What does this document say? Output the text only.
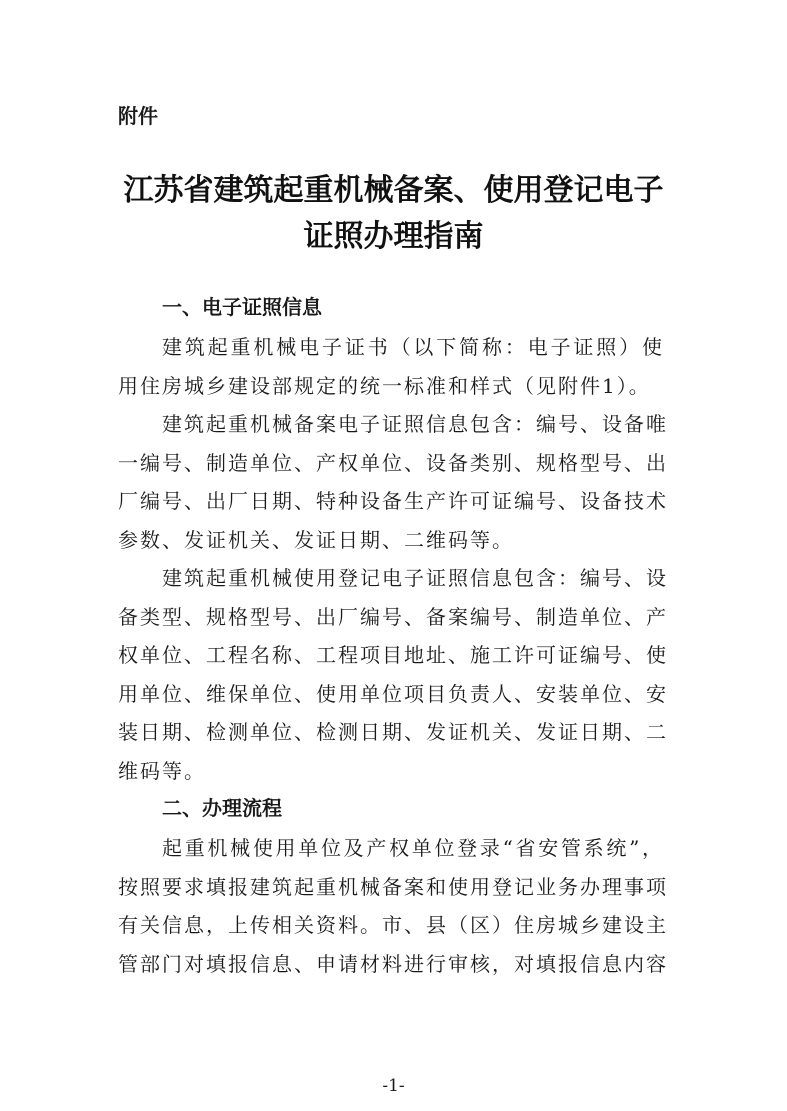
附件

江苏省建筑起重机械备案、使用登记电子
证照办理指南
一、电子证照信息

建筑起重机械电子证书（以下简称：电子证照）使
用住房城乡建设部规定的统一标准和样式（见附件1）。

建筑起重机械备案电子证照信息包含：编号、设备唯
一编号、制造单位、产权单位、设备类别、规格型号、出
厂编号、出厂日期、特种设备生产许可证编号、设备技术
参数、发证机关、发证日期、二维码等。

建筑起重机械使用登记电子证照信息包含：编号、设
备类型、规格型号、出厂编号、备案编号、制造单位、产
权单位、工程名称、工程项目地址、施工许可证编号、使
用单位、维保单位、使用单位项目负责人、安装单位、安
装日期、检测单位、检测日期、发证机关、发证日期、二
维码等。

二、办理流程

起重机械使用单位及产权单位登录“省安管系统”，
按照要求填报建筑起重机械备案和使用登记业务办理事项
有关信息，上传相关资料。市、县（区）住房城乡建设主
管部门对填报信息、申请材料进行审核，对填报信息内容

-1-
